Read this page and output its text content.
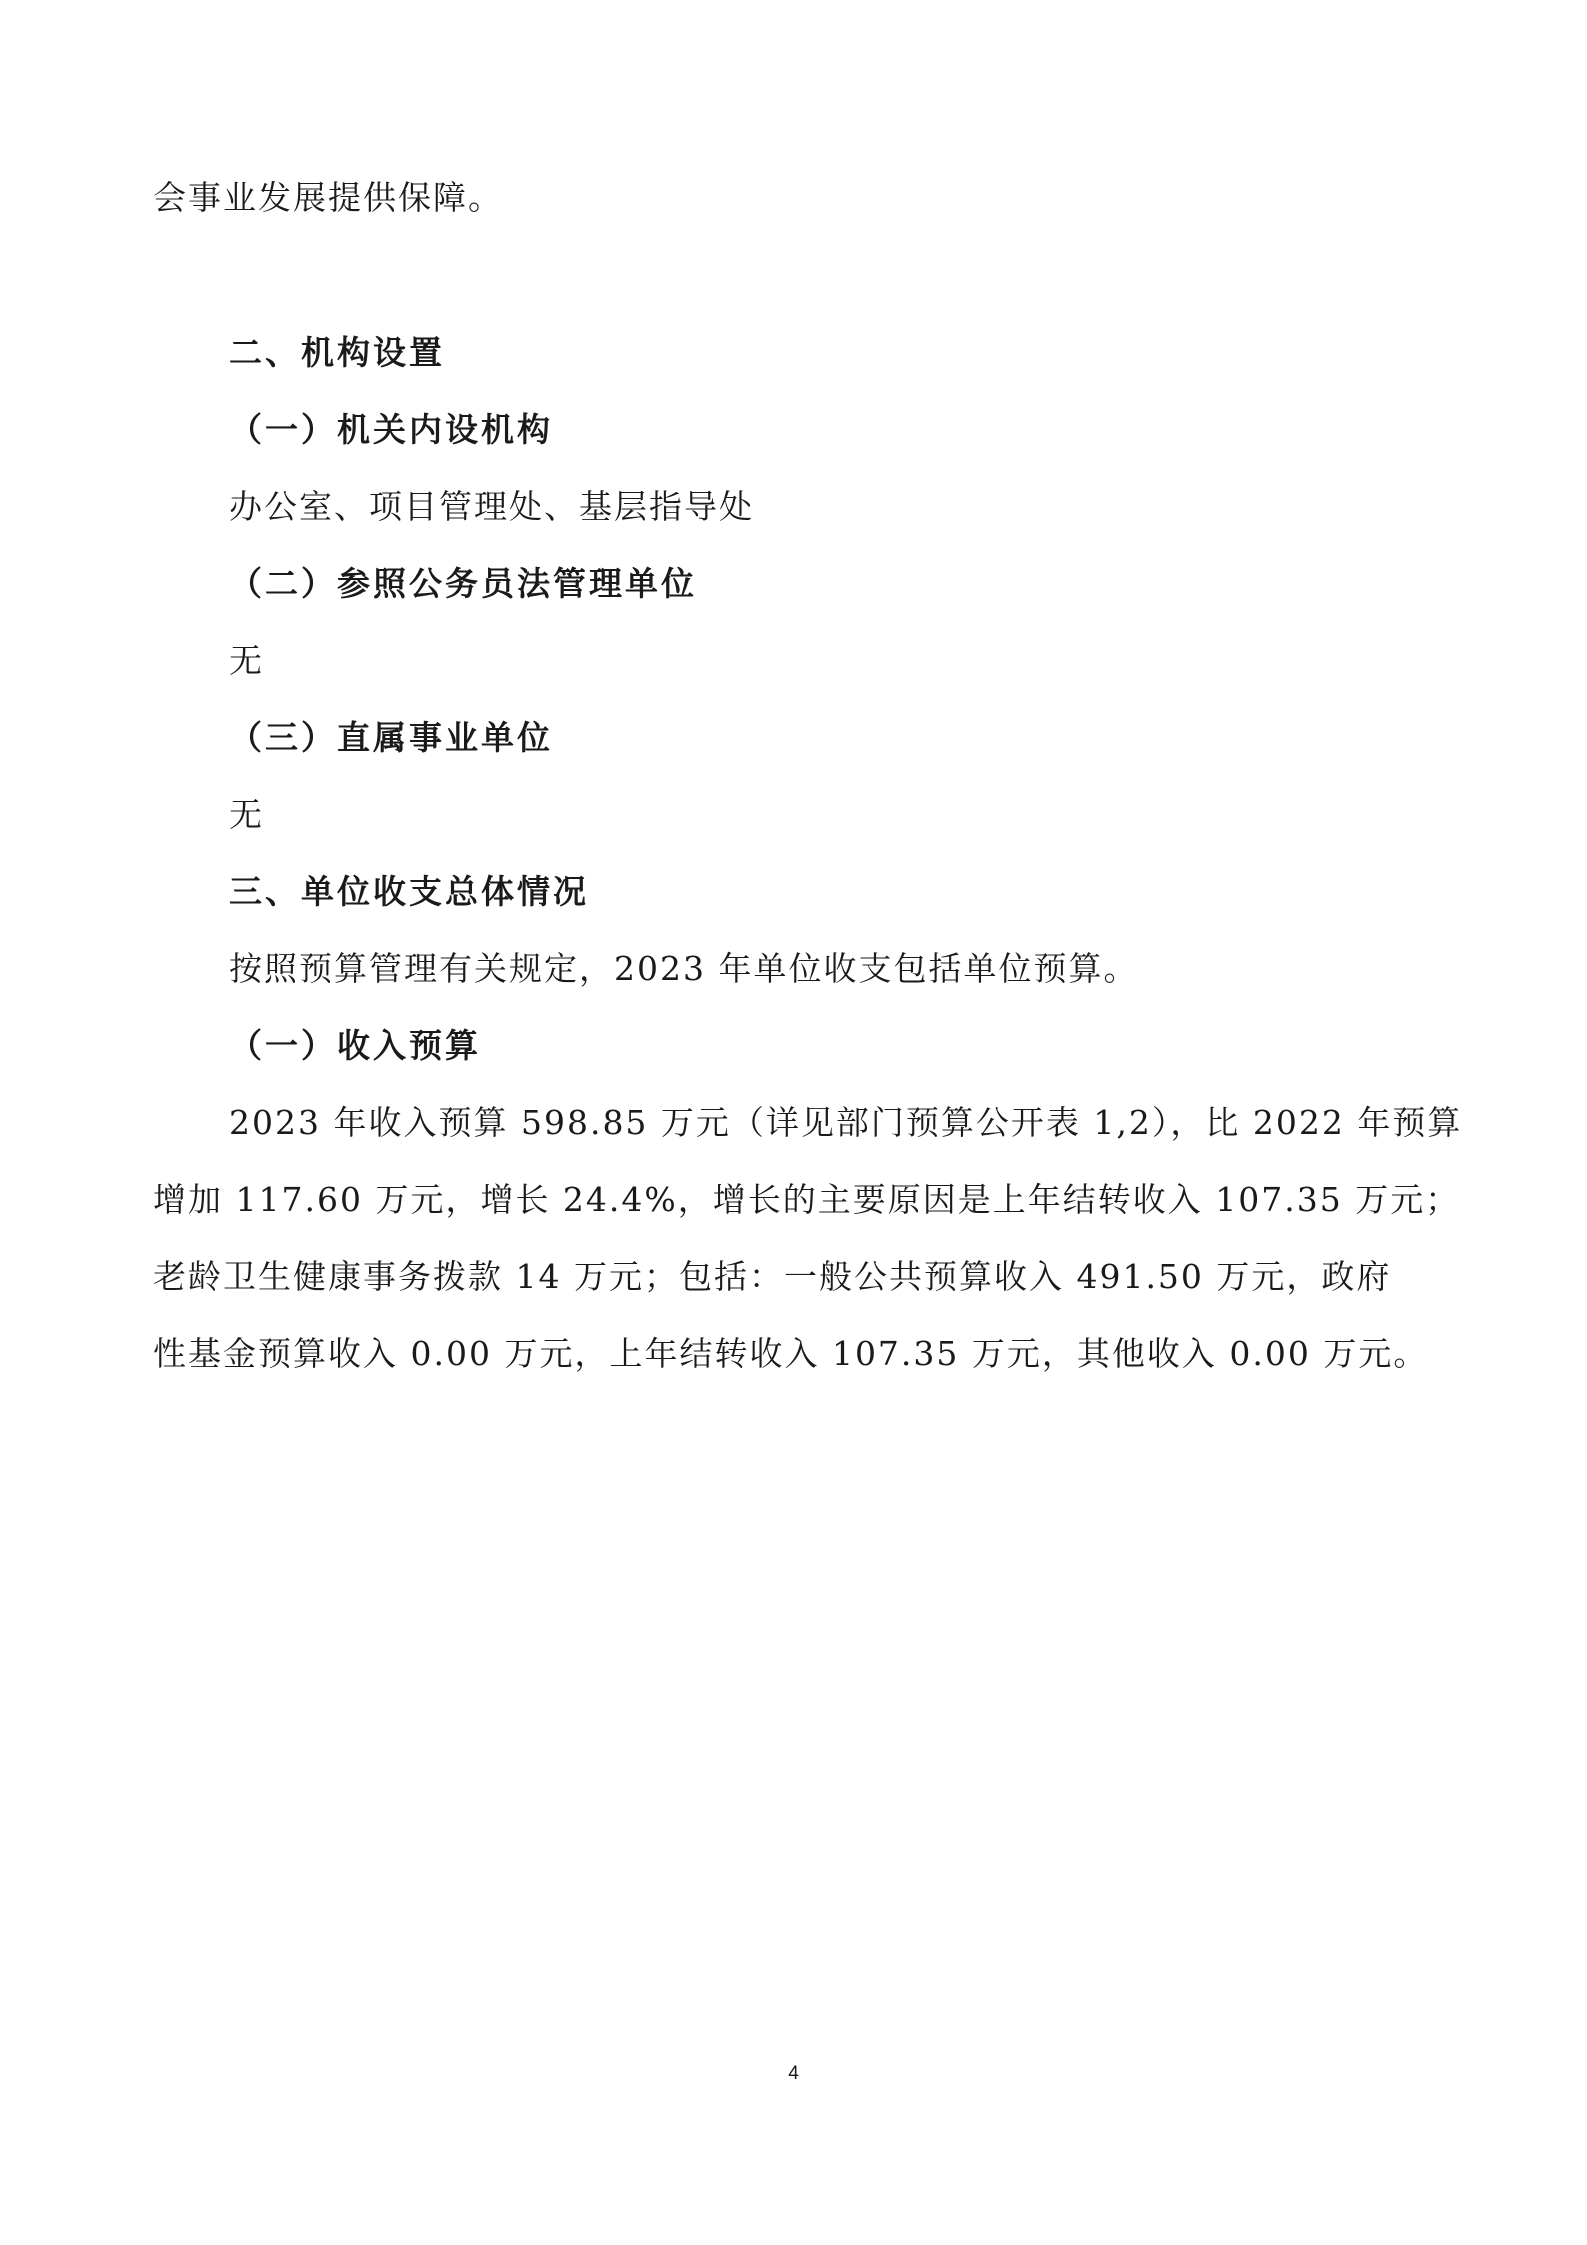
会事业发展提供保障。
二、机构设置
（一）机关内设机构
办公室、项目管理处、基层指导处
（二）参照公务员法管理单位
无
（三）直属事业单位
无
三、单位收支总体情况
按照预算管理有关规定，2023 年单位收支包括单位预算。
（一）收入预算
2023 年收入预算 598.85 万元（详见部门预算公开表 1,2），比 2022 年预算
增加 117.60 万元，增长 24.4%，增长的主要原因是上年结转收入 107.35 万元；
老龄卫生健康事务拨款 14 万元；包括：一般公共预算收入 491.50 万元，政府
性基金预算收入 0.00 万元，上年结转收入 107.35 万元，其他收入 0.00 万元。
4
